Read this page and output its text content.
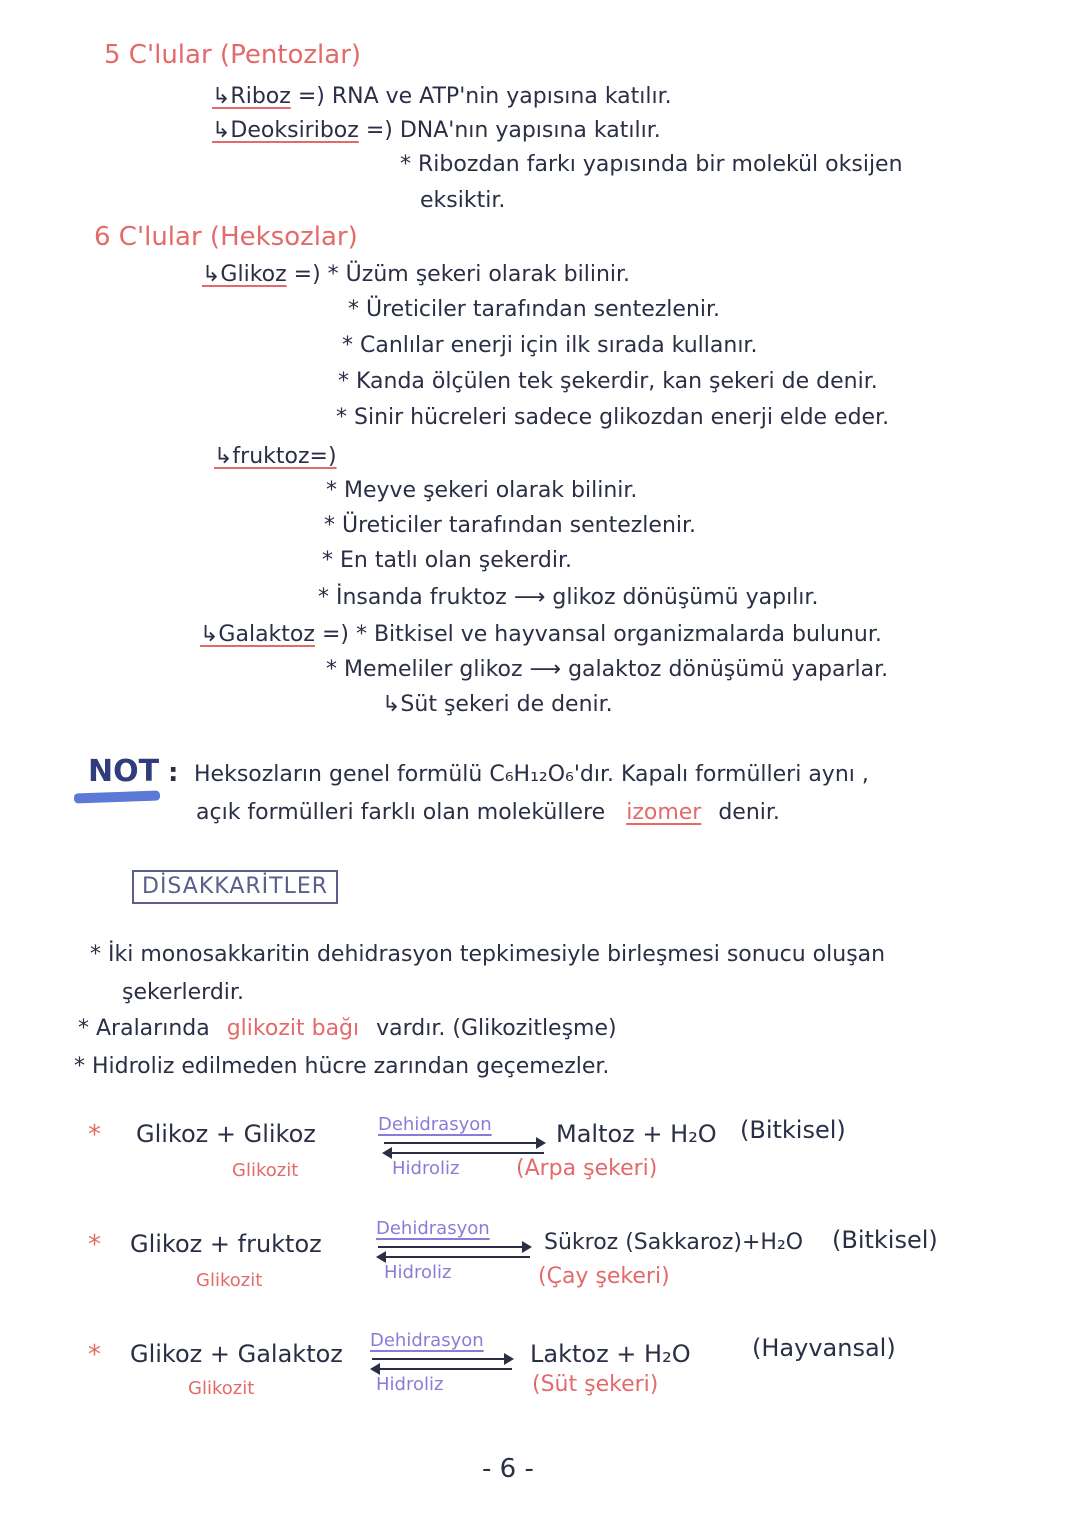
5 C'lular (Pentozlar)
↳Riboz =) RNA ve ATP'nin yapısına katılır.
↳Deoksiriboz =) DNA'nın yapısına katılır.
* Ribozdan farkı yapısında bir molekül oksijen
eksiktir.
6 C'lular (Heksozlar)
↳Glikoz =) * Üzüm şekeri olarak bilinir.
* Üreticiler tarafından sentezlenir.
* Canlılar enerji için ilk sırada kullanır.
* Kanda ölçülen tek şekerdir, kan şekeri de denir.
* Sinir hücreleri sadece glikozdan enerji elde eder.
↳fruktoz=)
* Meyve şekeri olarak bilinir.
* Üreticiler tarafından sentezlenir.
* En tatlı olan şekerdir.
* İnsanda fruktoz ⟶ glikoz dönüşümü yapılır.
↳Galaktoz =) * Bitkisel ve hayvansal organizmalarda bulunur.
* Memeliler glikoz ⟶ galaktoz dönüşümü yaparlar.
↳Süt şekeri de denir.
NOT : Heksozların genel formülü C₆H₁₂O₆'dır. Kapalı formülleri aynı ,
açık formülleri farklı olan moleküllere izomer denir.
DİSAKKARİTLER
* İki monosakkaritin dehidrasyon tepkimesiyle birleşmesi sonucu oluşan
şekerlerdir.
* Aralarında glikozit bağı vardır. (Glikozitleşme)
* Hidroliz edilmeden hücre zarından geçemezler.
* Glikoz + Glikoz
Glikozit
Dehidrasyon
Hidroliz
Maltoz + H₂O (Bitkisel)
(Arpa şekeri)
* Glikoz + fruktoz
Glikozit
Dehidrasyon
Hidroliz
Sükroz (Sakkaroz)+H₂O (Bitkisel)
(Çay şekeri)
* Glikoz + Galaktoz
Glikozit
Dehidrasyon
Hidroliz
Laktoz + H₂O	(Hayvansal)
(Süt şekeri)
- 6 -
